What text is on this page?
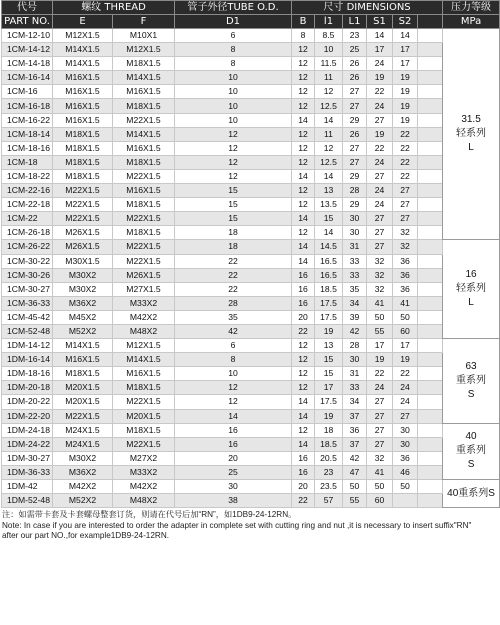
代号	螺纹 THREAD		管子外径TUBE O.D.	尺寸 DIMENSIONS						压力等级
PART NO.	E	F	D1	B	l1	L1	S1	S2		MPa
1CM-12-10	M12X1.5	M10X1	6	8	8.5	23	14	14		31.5
轻系列
L

1CM-14-12	M14X1.5	M12X1.5	8	12	10	25	17	17		
1CM-14-18	M14X1.5	M18X1.5	8	12	11.5	26	24	17		
1CM-16-14	M16X1.5	M14X1.5	10	12	11	26	19	19		
1CM-16	M16X1.5	M16X1.5	10	12	12	27	22	19		
1CM-16-18	M16X1.5	M18X1.5	10	12	12.5	27	24	19		
1CM-16-22	M16X1.5	M22X1.5	10	14	14	29	27	19		
1CM-18-14	M18X1.5	M14X1.5	12	12	11	26	19	22		
1CM-18-16	M18X1.5	M16X1.5	12	12	12	27	22	22		
1CM-18	M18X1.5	M18X1.5	12	12	12.5	27	24	22		
1CM-18-22	M18X1.5	M22X1.5	12	14	14	29	27	22		
1CM-22-16	M22X1.5	M16X1.5	15	12	13	28	24	27		
1CM-22-18	M22X1.5	M18X1.5	15	12	13.5	29	24	27		
1CM-22	M22X1.5	M22X1.5	15	14	15	30	27	27		
1CM-26-18	M26X1.5	M18X1.5	18	12	14	30	27	32		
1CM-26-22	M26X1.5	M22X1.5	18	14	14.5	31	27	32		16
轻系列
L

1CM-30-22	M30X1.5	M22X1.5	22	14	16.5	33	32	36		
1CM-30-26	M30X2	M26X1.5	22	16	16.5	33	32	36		
1CM-30-27	M30X2	M27X1.5	22	16	18.5	35	32	36		
1CM-36-33	M36X2	M33X2	28	16	17.5	34	41	41		
1CM-45-42	M45X2	M42X2	35	20	17.5	39	50	50		
1CM-52-48	M52X2	M48X2	42	22	19	42	55	60		
1DM-14-12	M14X1.5	M12X1.5	6	12	13	28	17	17		63
重系列
S

1DM-16-14	M16X1.5	M14X1.5	8	12	15	30	19	19		
1DM-18-16	M18X1.5	M16X1.5	10	12	15	31	22	22		
1DM-20-18	M20X1.5	M18X1.5	12	12	17	33	24	24		
1DM-20-22	M20X1.5	M22X1.5	12	14	17.5	34	27	24		
1DM-22-20	M22X1.5	M20X1.5	14	14	19	37	27	27		
1DM-24-18	M24X1.5	M18X1.5	16	12	18	36	27	30		40
重系列
S

1DM-24-22	M24X1.5	M22X1.5	16	14	18.5	37	27	30		
1DM-30-27	M30X2	M27X2	20	16	20.5	42	32	36		
1DM-36-33	M36X2	M33X2	25	16	23	47	41	46		
1DM-42	M42X2	M42X2	30	20	23.5	50	50	50		40重系列S

1DM-52-48	M52X2	M48X2	38	22	57	55	60			
注：如需带卡套及卡套螺母整套订货，则请在代号后加“RN”，如1DB9-24-12RN。
Note: In case if you are interested to order the adapter in complete set with cutting ring and nut ,it is necessary to insert suffix"RN"
after our part NO.,for example1DB9-24-12RN.
